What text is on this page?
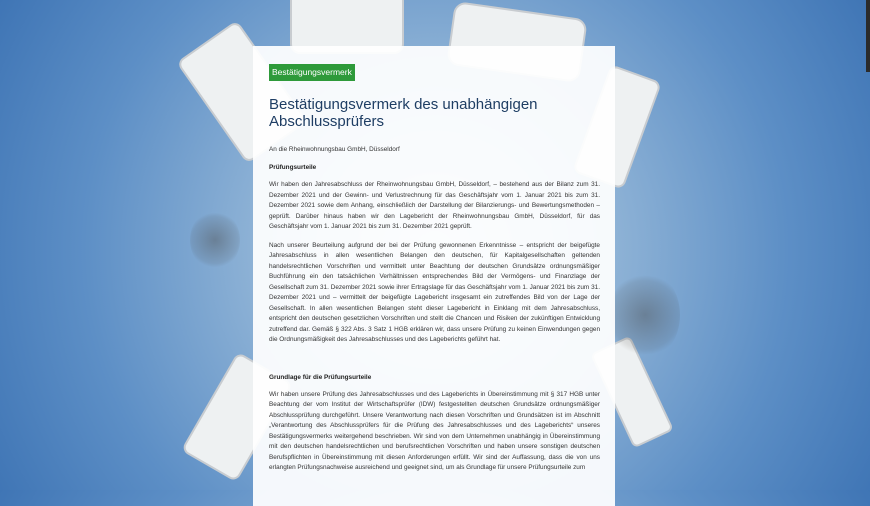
Bestätigungsvermerk
Bestätigungsvermerk des unabhängigen Abschlussprüfers
An die Rheinwohnungsbau GmbH, Düsseldorf
Prüfungsurteile

Wir haben den Jahresabschluss der Rheinwohnungsbau GmbH, Düsseldorf, – bestehend aus der Bilanz zum 31. Dezember 2021 und der Gewinn- und Verlustrechnung für das Geschäftsjahr vom 1. Januar 2021 bis zum 31. Dezember 2021 sowie dem Anhang, einschließlich der Darstellung der Bilanzierungs- und Bewertungsmethoden – geprüft. Darüber hinaus haben wir den Lagebericht der Rheinwohnungsbau GmbH, Düsseldorf, für das Geschäftsjahr vom 1. Januar 2021 bis zum 31. Dezember 2021 geprüft.

Nach unserer Beurteilung aufgrund der bei der Prüfung gewonnenen Erkenntnisse – entspricht der beigefügte Jahresabschluss in allen wesentlichen Belangen den deutschen, für Kapitalgesellschaften geltenden handelsrechtlichen Vorschriften und vermittelt unter Beachtung der deutschen Grundsätze ordnungsmäßiger Buchführung ein den tatsächlichen Verhältnissen entsprechendes Bild der Vermögens- und Finanzlage der Gesellschaft zum 31. Dezember 2021 sowie ihrer Ertragslage für das Geschäftsjahr vom 1. Januar 2021 bis zum 31. Dezember 2021 und – vermittelt der beigefügte Lagebericht insgesamt ein zutreffendes Bild von der Lage der Gesellschaft. In allen wesentlichen Belangen steht dieser Lagebericht in Einklang mit dem Jahresabschluss, entspricht den deutschen gesetzlichen Vorschriften und stellt die Chancen und Risiken der zukünftigen Entwicklung zutreffend dar. Gemäß § 322 Abs. 3 Satz 1 HGB erklären wir, dass unsere Prüfung zu keinen Einwendungen gegen die Ordnungsmäßigkeit des Jahresabschlusses und des Lageberichts geführt hat.

Grundlage für die Prüfungsurteile

Wir haben unsere Prüfung des Jahresabschlusses und des Lageberichts in Übereinstimmung mit § 317 HGB unter Beachtung der vom Institut der Wirtschaftsprüfer (IDW) festgestellten deutschen Grundsätze ordnungsmäßiger Abschlussprüfung durchgeführt. Unsere Verantwortung nach diesen Vorschriften und Grundsätzen ist im Abschnitt „Verantwortung des Abschlussprüfers für die Prüfung des Jahresabschlusses und des Lageberichts“ unseres Bestätigungsvermerks weitergehend beschrieben. Wir sind von dem Unternehmen unabhängig in Übereinstimmung mit den deutschen handelsrechtlichen und berufsrechtlichen Vorschriften und haben unsere sonstigen deutschen Berufspflichten in Übereinstimmung mit diesen Anforderungen erfüllt. Wir sind der Auffassung, dass die von uns erlangten Prüfungsnachweise ausreichend und geeignet sind, um als Grundlage für unsere Prüfungsurteile zum
